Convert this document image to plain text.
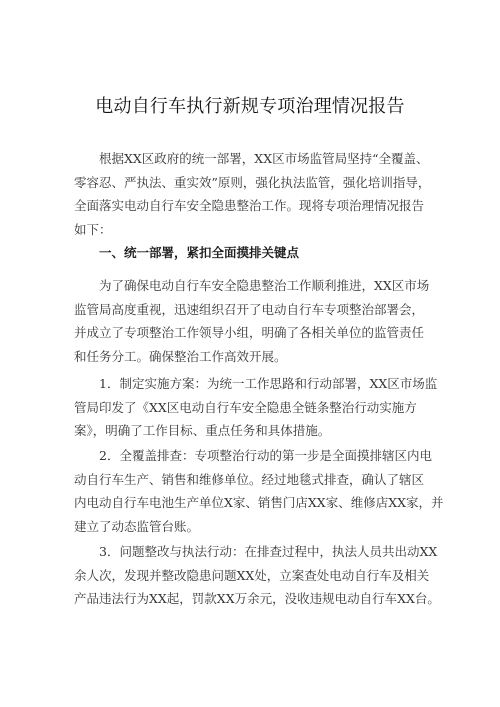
电动自行车执行新规专项治理情况报告
根据XX区政府的统一部署，XX区市场监管局坚持“全覆盖、
零容忍、严执法、重实效”原则，强化执法监管，强化培训指导，
全面落实电动自行车安全隐患整治工作。现将专项治理情况报告
如下：
一、统一部署，紧扣全面摸排关键点
为了确保电动自行车安全隐患整治工作顺利推进，XX区市场
监管局高度重视，迅速组织召开了电动自行车专项整治部署会，
并成立了专项整治工作领导小组，明确了各相关单位的监管责任
和任务分工。确保整治工作高效开展。
1．制定实施方案：为统一工作思路和行动部署，XX区市场监
管局印发了《XX区电动自行车安全隐患全链条整治行动实施方
案》，明确了工作目标、重点任务和具体措施。
2．全覆盖排查：专项整治行动的第一步是全面摸排辖区内电
动自行车生产、销售和维修单位。经过地毯式排查，确认了辖区
内电动自行车电池生产单位X家、销售门店XX家、维修店XX家，并
建立了动态监管台账。
3．问题整改与执法行动：在排查过程中，执法人员共出动XX
余人次，发现并整改隐患问题XX处，立案查处电动自行车及相关
产品违法行为XX起，罚款XX万余元，没收违规电动自行车XX台。
